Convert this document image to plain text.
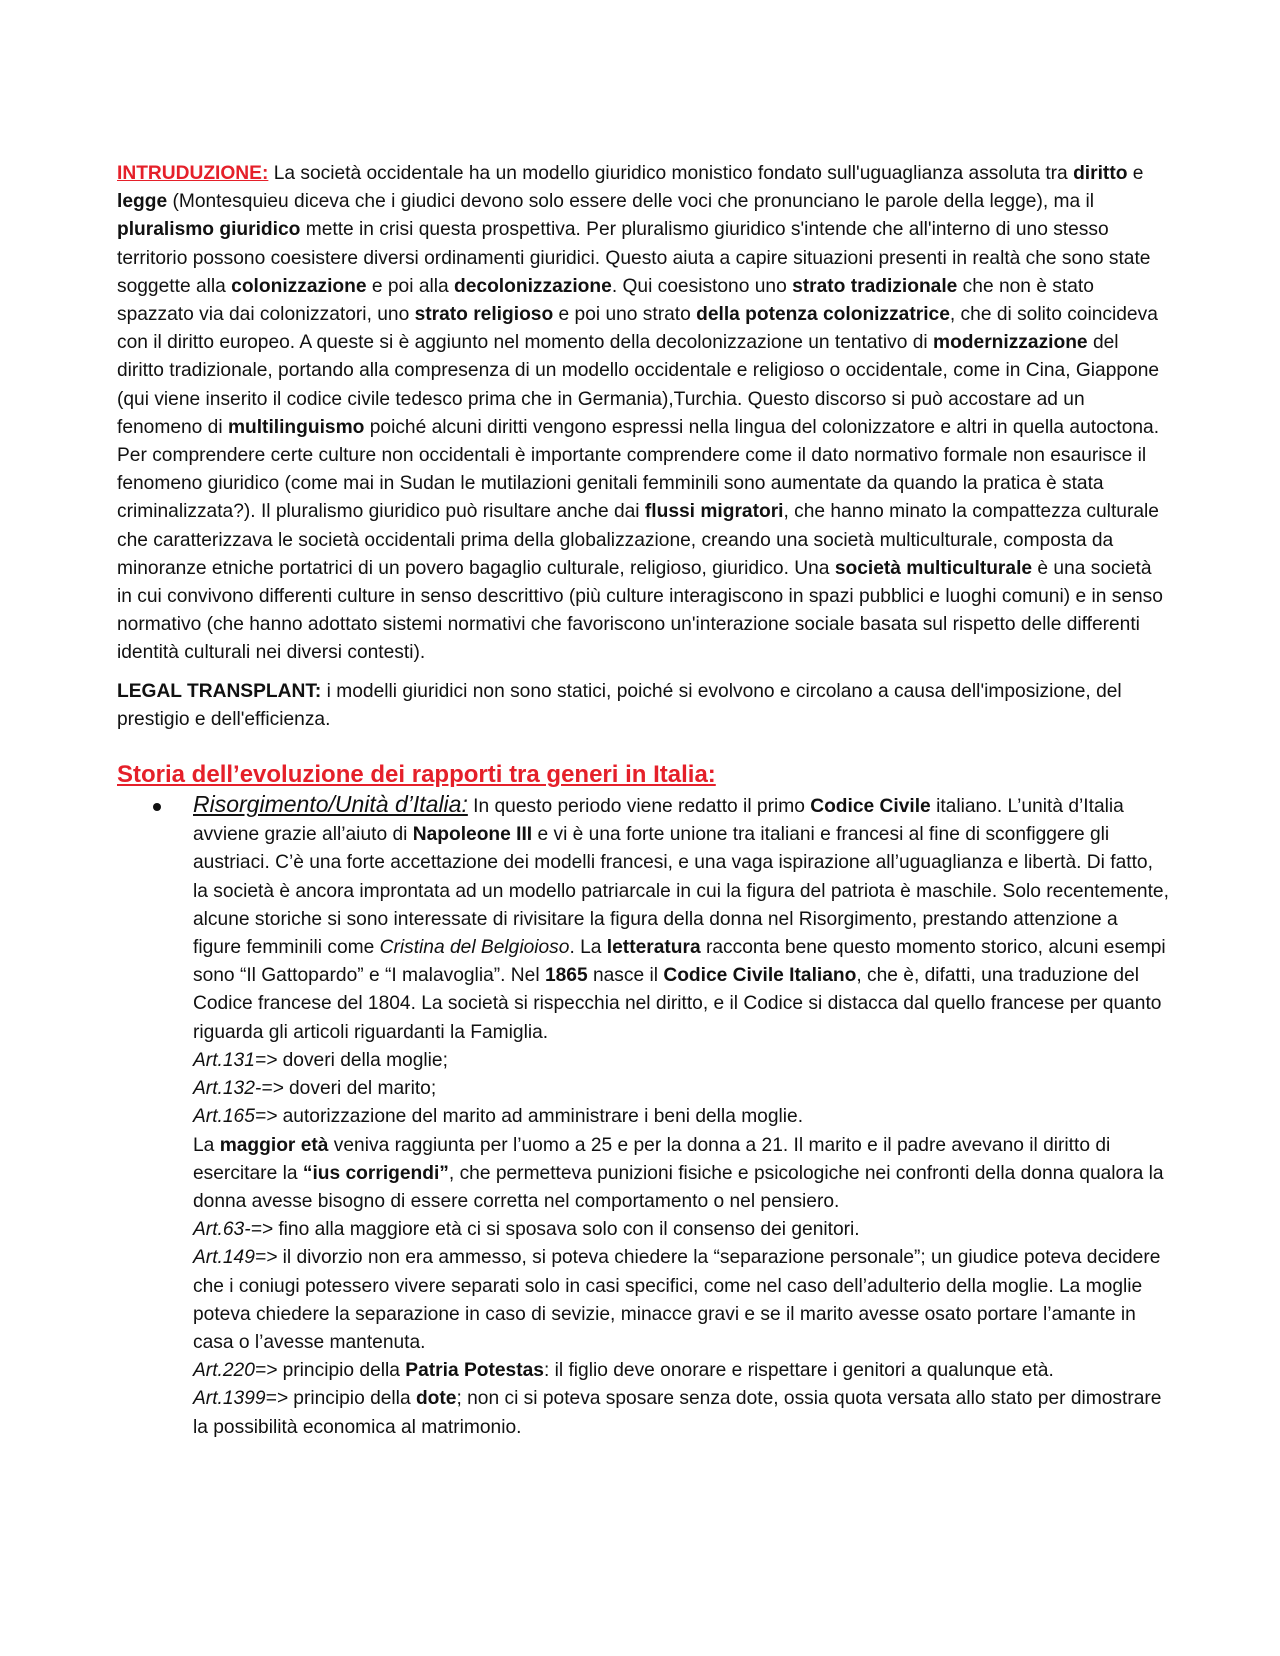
INTRUDUZIONE: La società occidentale ha un modello giuridico monistico fondato sull'uguaglianza assoluta tra diritto e legge (Montesquieu diceva che i giudici devono solo essere delle voci che pronunciano le parole della legge), ma il pluralismo giuridico mette in crisi questa prospettiva. Per pluralismo giuridico s'intende che all'interno di uno stesso territorio possono coesistere diversi ordinamenti giuridici. Questo aiuta a capire situazioni presenti in realtà che sono state soggette alla colonizzazione e poi alla decolonizzazione. Qui coesistono uno strato tradizionale che non è stato spazzato via dai colonizzatori, uno strato religioso e poi uno strato della potenza colonizzatrice, che di solito coincideva con il diritto europeo. A queste si è aggiunto nel momento della decolonizzazione un tentativo di modernizzazione del diritto tradizionale, portando alla compresenza di un modello occidentale e religioso o occidentale, come in Cina, Giappone (qui viene inserito il codice civile tedesco prima che in Germania),Turchia. Questo discorso si può accostare ad un fenomeno di multilinguismo poiché alcuni diritti vengono espressi nella lingua del colonizzatore e altri in quella autoctona. Per comprendere certe culture non occidentali è importante comprendere come il dato normativo formale non esaurisce il fenomeno giuridico (come mai in Sudan le mutilazioni genitali femminili sono aumentate da quando la pratica è stata criminalizzata?). Il pluralismo giuridico può risultare anche dai flussi migratori, che hanno minato la compattezza culturale che caratterizzava le società occidentali prima della globalizzazione, creando una società multiculturale, composta da minoranze etniche portatrici di un povero bagaglio culturale, religioso, giuridico. Una società multiculturale è una società in cui convivono differenti culture in senso descrittivo (più culture interagiscono in spazi pubblici e luoghi comuni) e in senso normativo (che hanno adottato sistemi normativi che favoriscono un'interazione sociale basata sul rispetto delle differenti identità culturali nei diversi contesti).

LEGAL TRANSPLANT: i modelli giuridici non sono statici, poiché si evolvono e circolano a causa dell'imposizione, del prestigio e dell'efficienza.

Storia dell’evoluzione dei rapporti tra generi in Italia:
Risorgimento/Unità d’Italia: In questo periodo viene redatto il primo Codice Civile italiano. L’unità d’Italia avviene grazie all’aiuto di Napoleone III e vi è una forte unione tra italiani e francesi al fine di sconfiggere gli austriaci. C’è una forte accettazione dei modelli francesi, e una vaga ispirazione all’uguaglianza e libertà. Di fatto, la società è ancora improntata ad un modello patriarcale in cui la figura del patriota è maschile. Solo recentemente, alcune storiche si sono interessate di rivisitare la figura della donna nel Risorgimento, prestando attenzione a figure femminili come Cristina del Belgioioso. La letteratura racconta bene questo momento storico, alcuni esempi sono “Il Gattopardo” e “I malavoglia”. Nel 1865 nasce il Codice Civile Italiano, che è, difatti, una traduzione del Codice francese del 1804. La società si rispecchia nel diritto, e il Codice si distacca dal quello francese per quanto riguarda gli articoli riguardanti la Famiglia.
Art.131=> doveri della moglie;
Art.132-=> doveri del marito;
Art.165=> autorizzazione del marito ad amministrare i beni della moglie.
La maggior età veniva raggiunta per l’uomo a 25 e per la donna a 21. Il marito e il padre avevano il diritto di esercitare la “ius corrigendi”, che permetteva punizioni fisiche e psicologiche nei confronti della donna qualora la donna avesse bisogno di essere corretta nel comportamento o nel pensiero.
Art.63-=> fino alla maggiore età ci si sposava solo con il consenso dei genitori.
Art.149=> il divorzio non era ammesso, si poteva chiedere la “separazione personale”; un giudice poteva decidere che i coniugi potessero vivere separati solo in casi specifici, come nel caso dell’adulterio della moglie. La moglie poteva chiedere la separazione in caso di sevizie, minacce gravi e se il marito avesse osato portare l’amante in casa o l’avesse mantenuta.
Art.220=> principio della Patria Potestas: il figlio deve onorare e rispettare i genitori a qualunque età.
Art.1399=> principio della dote; non ci si poteva sposare senza dote, ossia quota versata allo stato per dimostrare la possibilità economica al matrimonio.
